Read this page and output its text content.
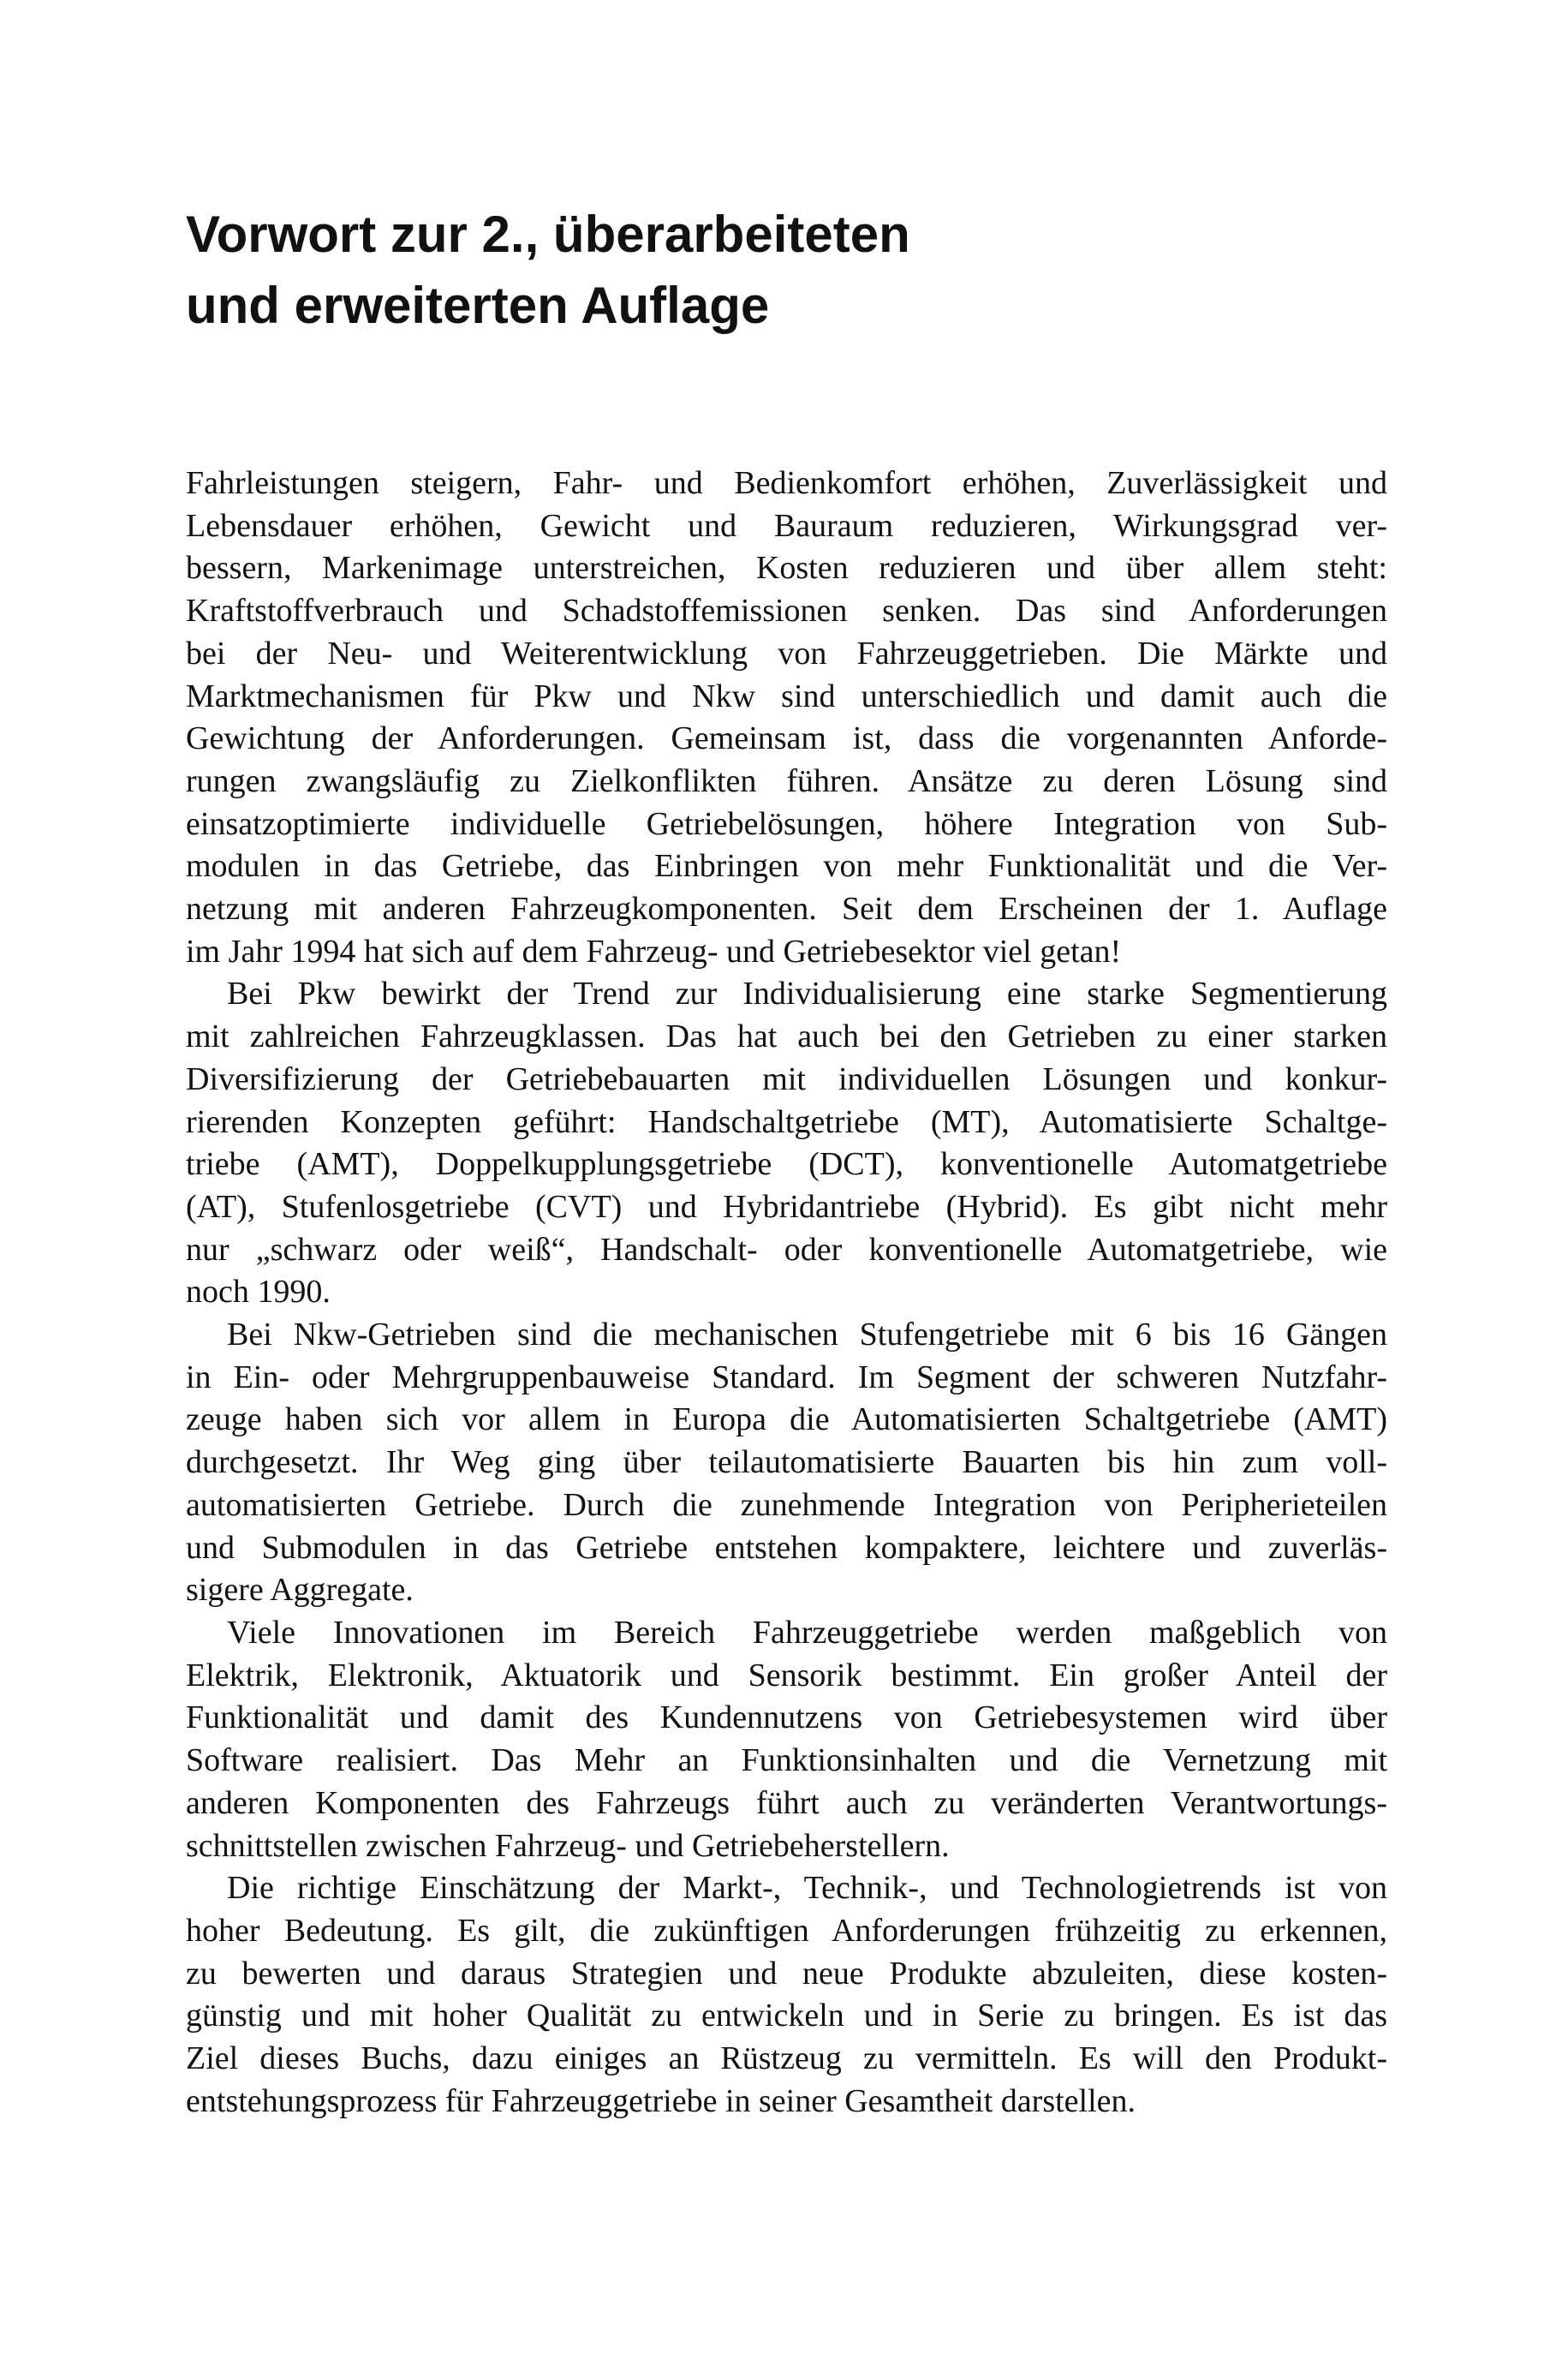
Vorwort zur 2., überarbeiteten
und erweiterten Auflage
Fahrleistungen steigern, Fahr- und Bedienkomfort erhöhen, Zuverlässigkeit und
Lebensdauer erhöhen, Gewicht und Bauraum reduzieren, Wirkungsgrad ver-
bessern, Markenimage unterstreichen, Kosten reduzieren und über allem steht:
Kraftstoffverbrauch und Schadstoffemissionen senken. Das sind Anforderungen
bei der Neu- und Weiterentwicklung von Fahrzeuggetrieben. Die Märkte und
Marktmechanismen für Pkw und Nkw sind unterschiedlich und damit auch die
Gewichtung der Anforderungen. Gemeinsam ist, dass die vorgenannten Anforde-
rungen zwangsläufig zu Zielkonflikten führen. Ansätze zu deren Lösung sind
einsatzoptimierte individuelle Getriebelösungen, höhere Integration von Sub-
modulen in das Getriebe, das Einbringen von mehr Funktionalität und die Ver-
netzung mit anderen Fahrzeugkomponenten. Seit dem Erscheinen der 1. Auflage
im Jahr 1994 hat sich auf dem Fahrzeug- und Getriebesektor viel getan!
Bei Pkw bewirkt der Trend zur Individualisierung eine starke Segmentierung
mit zahlreichen Fahrzeugklassen. Das hat auch bei den Getrieben zu einer starken
Diversifizierung der Getriebebauarten mit individuellen Lösungen und konkur-
rierenden Konzepten geführt: Handschaltgetriebe (MT), Automatisierte Schaltge-
triebe (AMT), Doppelkupplungsgetriebe (DCT), konventionelle Automatgetriebe
(AT), Stufenlosgetriebe (CVT) und Hybridantriebe (Hybrid). Es gibt nicht mehr
nur „schwarz oder weiß“, Handschalt- oder konventionelle Automatgetriebe, wie
noch 1990.
Bei Nkw-Getrieben sind die mechanischen Stufengetriebe mit 6 bis 16 Gängen
in Ein- oder Mehrgruppenbauweise Standard. Im Segment der schweren Nutzfahr-
zeuge haben sich vor allem in Europa die Automatisierten Schaltgetriebe (AMT)
durchgesetzt. Ihr Weg ging über teilautomatisierte Bauarten bis hin zum voll-
automatisierten Getriebe. Durch die zunehmende Integration von Peripherieteilen
und Submodulen in das Getriebe entstehen kompaktere, leichtere und zuverläs-
sigere Aggregate.
Viele Innovationen im Bereich Fahrzeuggetriebe werden maßgeblich von
Elektrik, Elektronik, Aktuatorik und Sensorik bestimmt. Ein großer Anteil der
Funktionalität und damit des Kundennutzens von Getriebesystemen wird über
Software realisiert. Das Mehr an Funktionsinhalten und die Vernetzung mit
anderen Komponenten des Fahrzeugs führt auch zu veränderten Verantwortungs-
schnittstellen zwischen Fahrzeug- und Getriebeherstellern.
Die richtige Einschätzung der Markt-, Technik-, und Technologietrends ist von
hoher Bedeutung. Es gilt, die zukünftigen Anforderungen frühzeitig zu erkennen,
zu bewerten und daraus Strategien und neue Produkte abzuleiten, diese kosten-
günstig und mit hoher Qualität zu entwickeln und in Serie zu bringen. Es ist das
Ziel dieses Buchs, dazu einiges an Rüstzeug zu vermitteln. Es will den Produkt-
entstehungsprozess für Fahrzeuggetriebe in seiner Gesamtheit darstellen.
